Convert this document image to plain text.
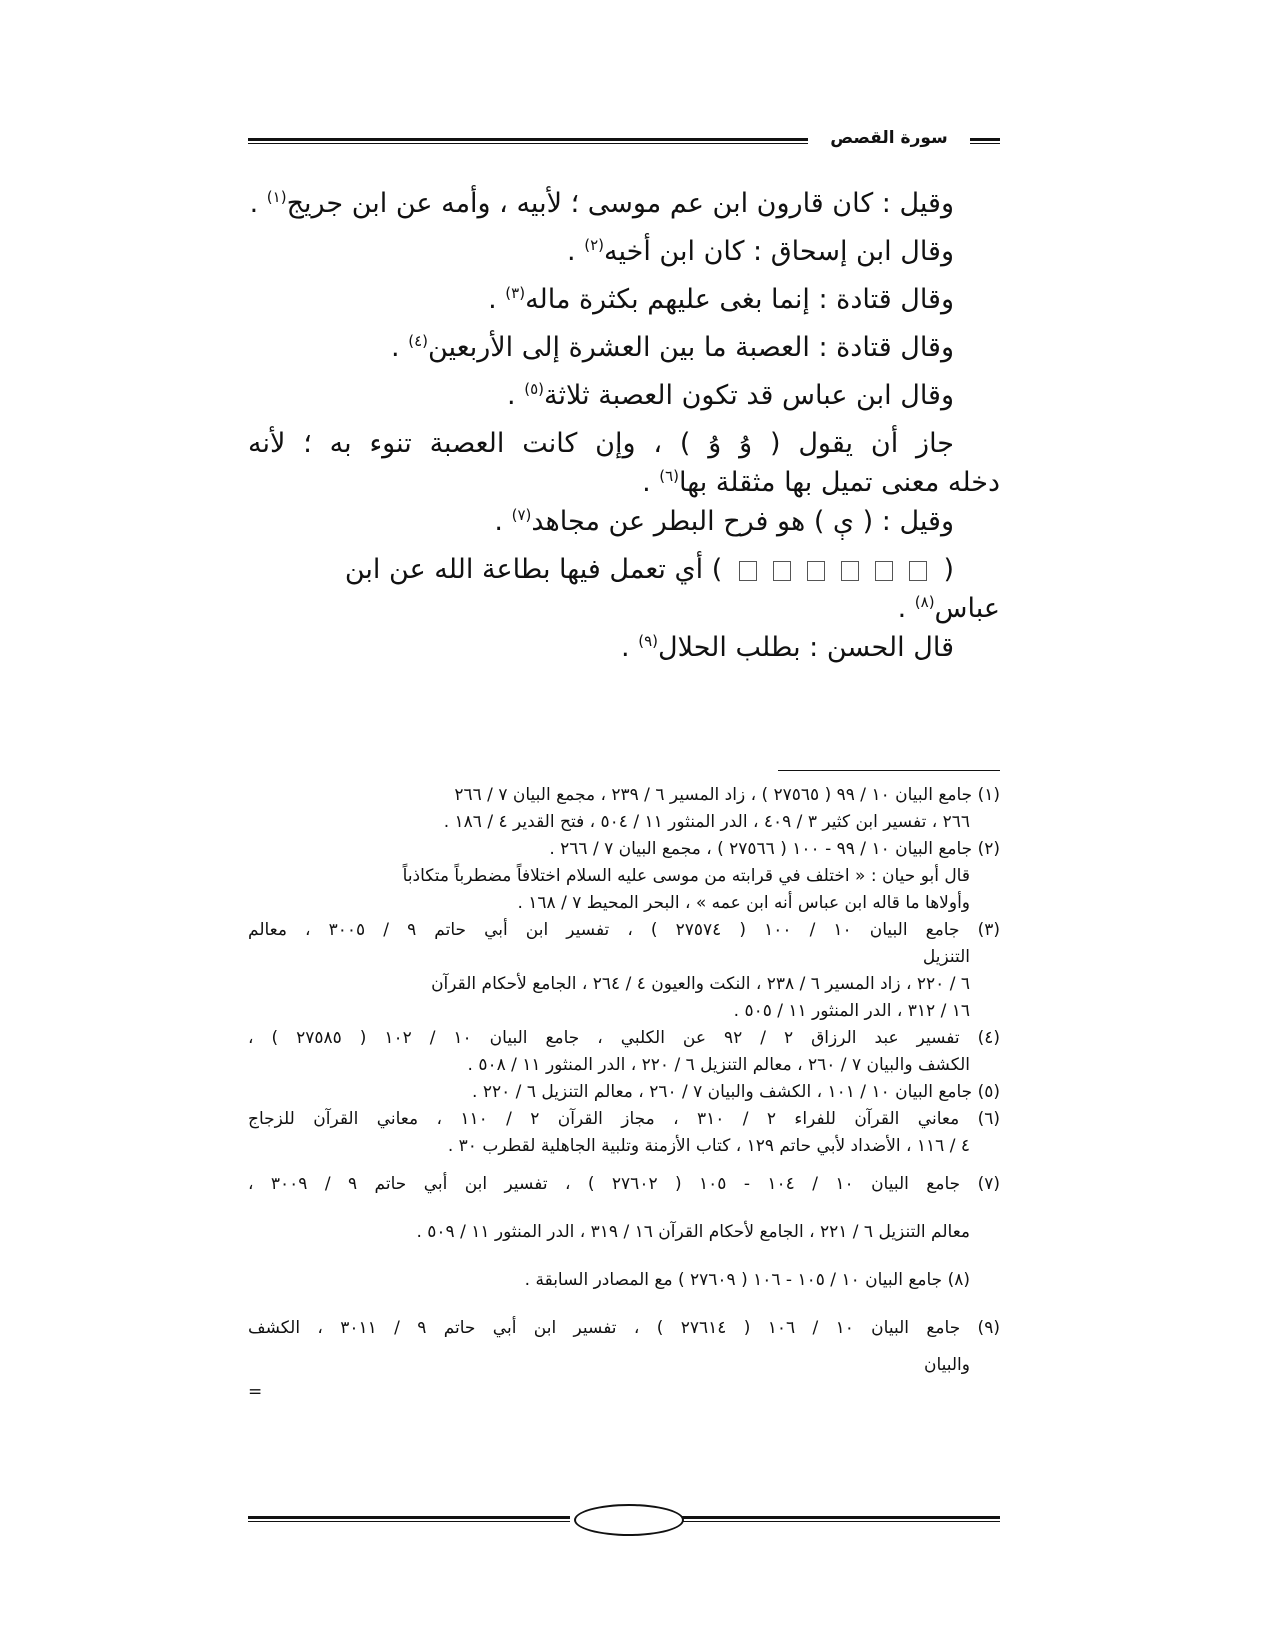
سورة القصص

وقيل : كان قارون ابن عم موسى ؛ لأبيه ، وأمه عن ابن جريج$^{(١)}$ .

وقال ابن إسحاق : كان ابن أخيه$^{(٢)}$ .

وقال قتادة : إنما بغى عليهم بكثرة ماله$^{(٣)}$ .

وقال قتادة : العصبة ما بين العشرة إلى الأربعين$^{(٤)}$ .

وقال ابن عباس قد تكون العصبة ثلاثة$^{(٥)}$ .

جاز أن يقول ( ۇ ۇ ) ، وإن كانت العصبة تنوء به ؛ لأنه

دخله معنى تميل بها مثقلة بها$^{(٦)}$ .

وقيل : ( ې ) هو فرح البطر عن مجاهد$^{(٧)}$ .

(  ) أي تعمل فيها بطاعة الله عن ابن

عباس$^{(٨)}$ .

قال الحسن : بطلب الحلال$^{(٩)}$ .

(١) جامع البيان ١٠ / ٩٩ ( ٢٧٥٦٥ ) ، زاد المسير ٦ / ٢٣٩ ، مجمع البيان ٧ / ٢٦٦

٢٦٦ ، تفسير ابن كثير ٣ / ٤٠٩ ، الدر المنثور ١١ / ٥٠٤ ، فتح القدير ٤ / ١٨٦ .

(٢) جامع البيان ١٠ / ٩٩ - ١٠٠ ( ٢٧٥٦٦ ) ، مجمع البيان ٧ / ٢٦٦ .

قال أبو حيان : « اختلف في قرابته من موسى عليه السلام اختلافاً مضطرباً متكاذباً

وأولاها ما قاله ابن عباس أنه ابن عمه » ، البحر المحيط ٧ / ١٦٨ .

(٣) جامع البيان ١٠ / ١٠٠ ( ٢٧٥٧٤ ) ، تفسير ابن أبي حاتم ٩ / ٣٠٠٥ ، معالم

التنزيل

٦ / ٢٢٠ ، زاد المسير ٦ / ٢٣٨ ، النكت والعيون ٤ / ٢٦٤ ، الجامع لأحكام القرآن

١٦ / ٣١٢ ، الدر المنثور ١١ / ٥٠٥ .

(٤) تفسير عبد الرزاق ٢ / ٩٢ عن الكلبي ، جامع البيان ١٠ / ١٠٢ ( ٢٧٥٨٥ ) ،

الكشف والبيان ٧ / ٢٦٠ ، معالم التنزيل ٦ / ٢٢٠ ، الدر المنثور ١١ / ٥٠٨ .

(٥) جامع البيان ١٠ / ١٠١ ، الكشف والبيان ٧ / ٢٦٠ ، معالم التنزيل ٦ / ٢٢٠ .

(٦) معاني القرآن للفراء ٢ / ٣١٠ ، مجاز القرآن ٢ / ١١٠ ، معاني القرآن للزجاج

٤ / ١١٦ ، الأضداد لأبي حاتم ١٢٩ ، كتاب الأزمنة وتلبية الجاهلية لقطرب ٣٠ .

(٧) جامع البيان ١٠ / ١٠٤ - ١٠٥ ( ٢٧٦٠٢ ) ، تفسير ابن أبي حاتم ٩ / ٣٠٠٩ ،

معالم التنزيل ٦ / ٢٢١ ، الجامع لأحكام القرآن ١٦ / ٣١٩ ، الدر المنثور ١١ / ٥٠٩ .

(٨) جامع البيان ١٠ / ١٠٥ - ١٠٦ ( ٢٧٦٠٩ ) مع المصادر السابقة .

(٩) جامع البيان ١٠ / ١٠٦ ( ٢٧٦١٤ ) ، تفسير ابن أبي حاتم ٩ / ٣٠١١ ، الكشف

والبيان

=
